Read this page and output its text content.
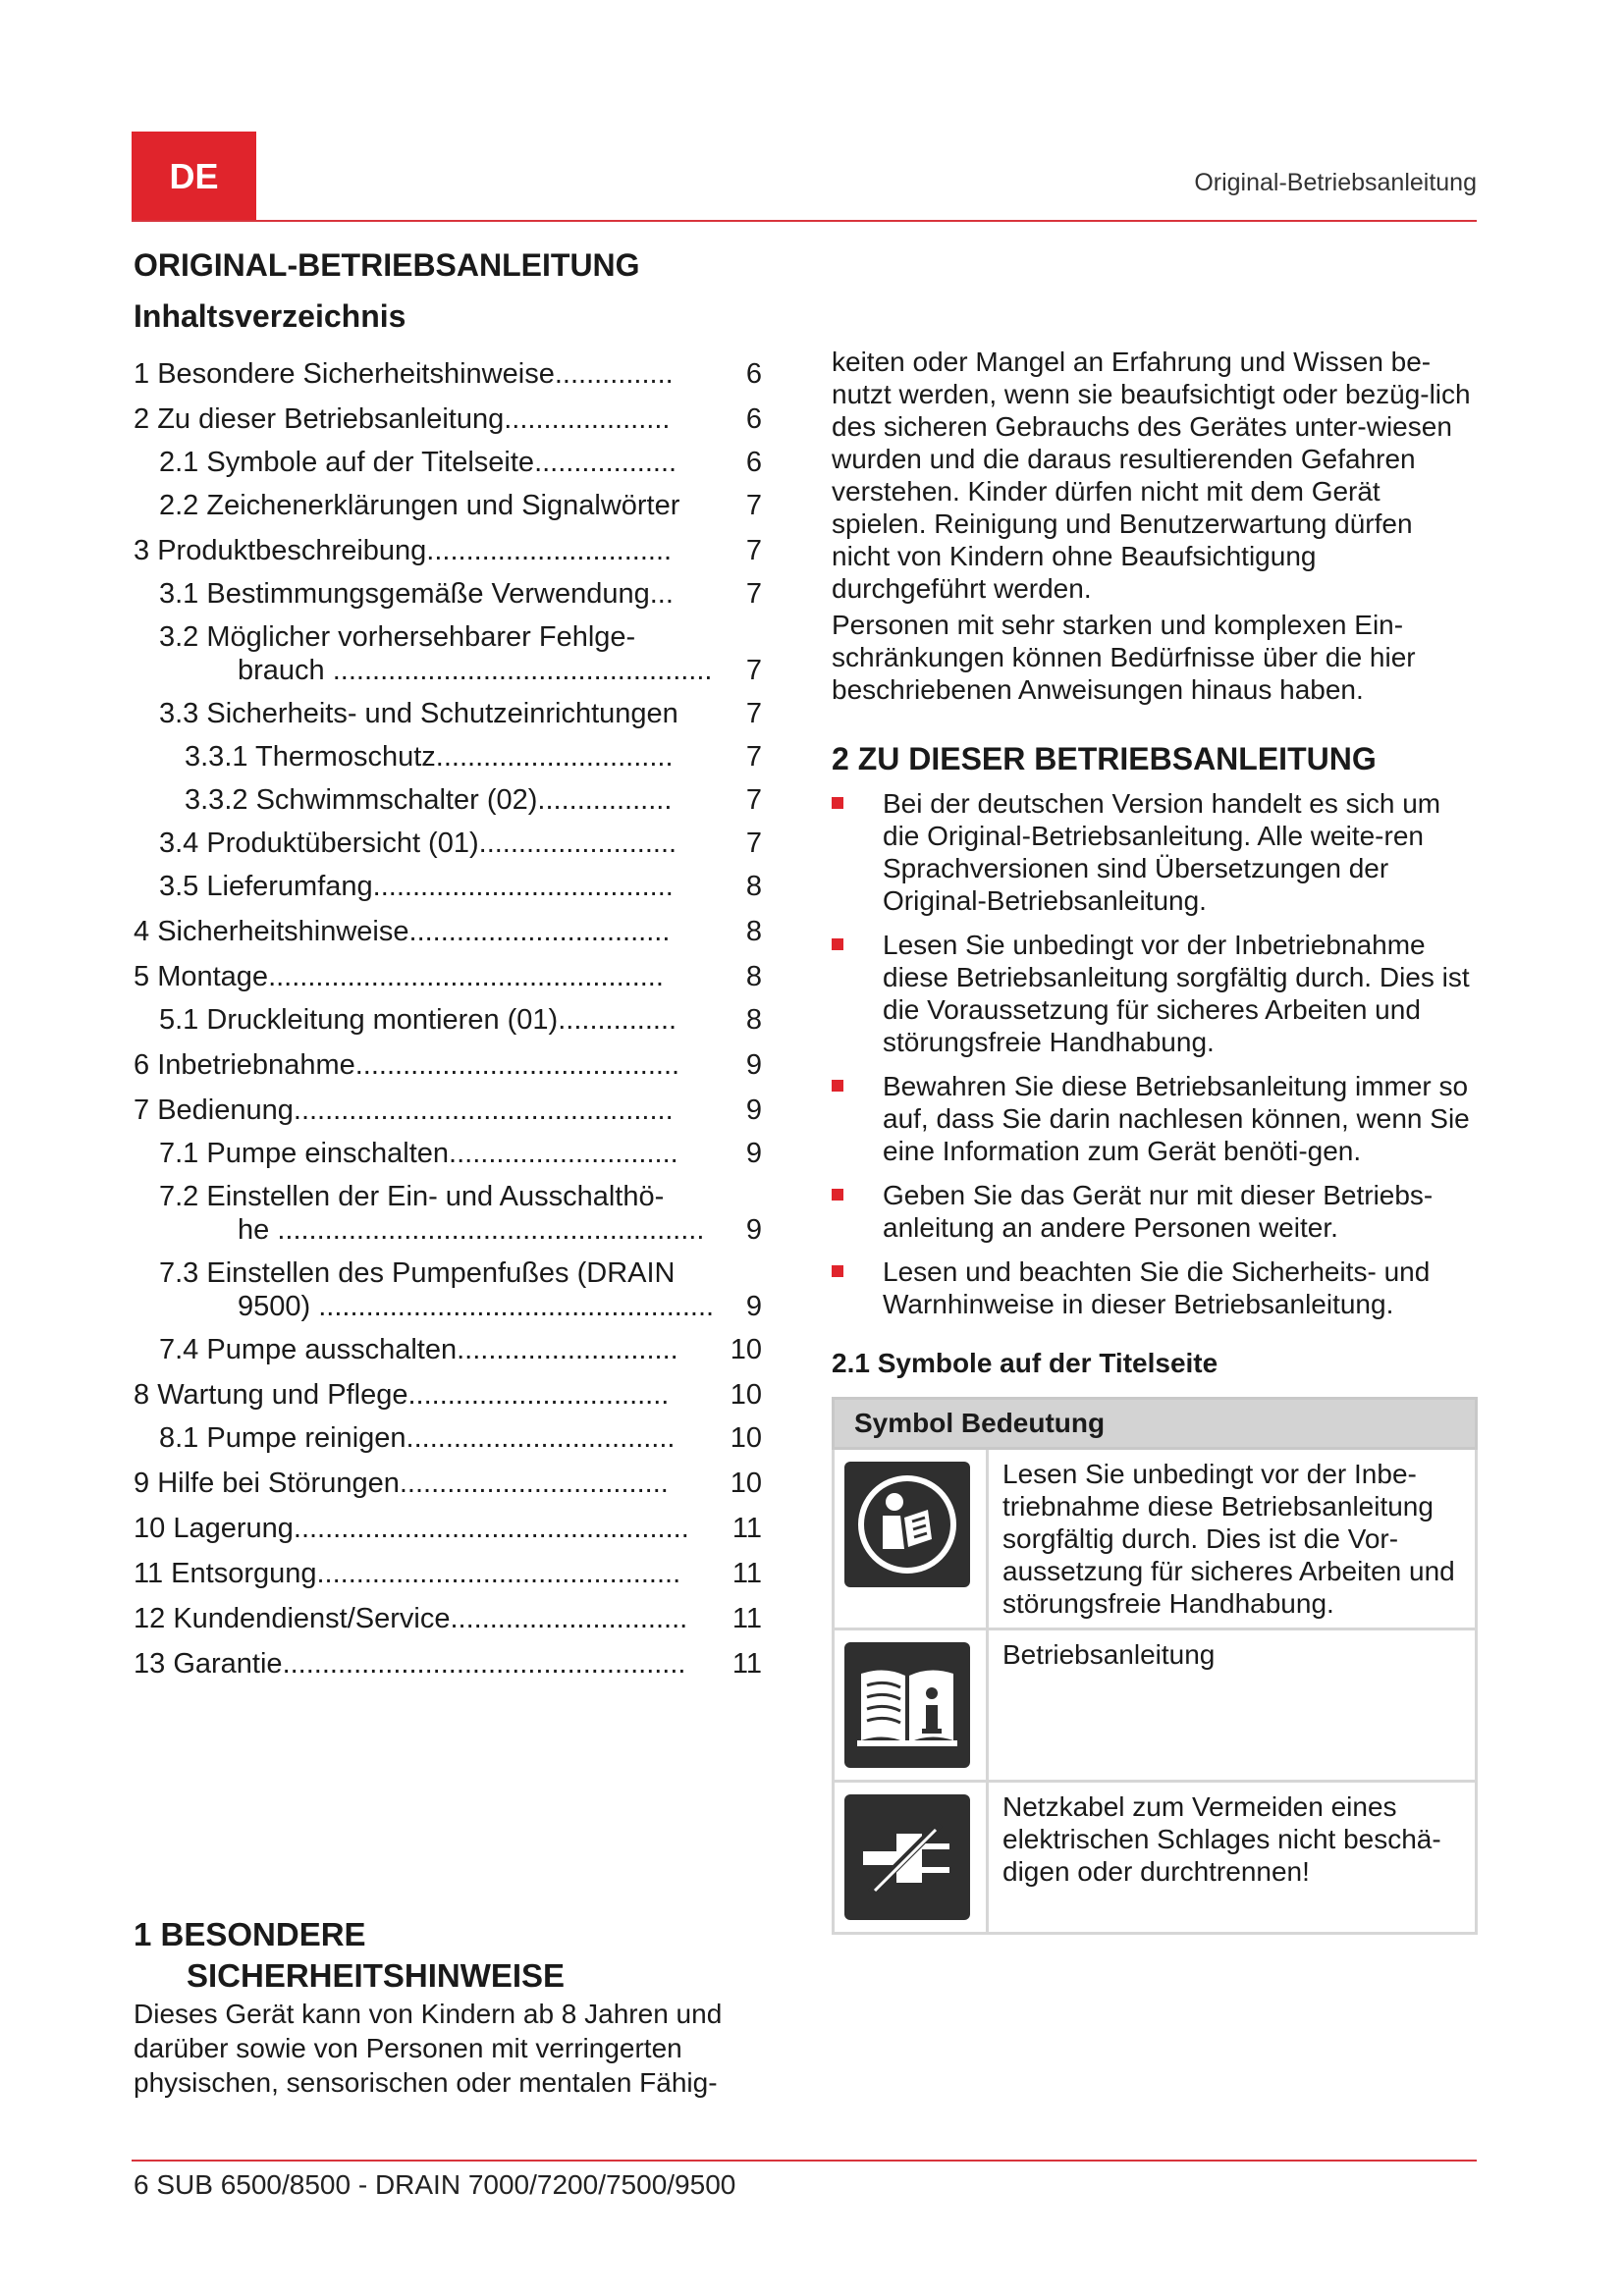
DE	Original-Betriebsanleitung
ORIGINAL-BETRIEBSANLEITUNG
Inhaltsverzeichnis
1 Besondere Sicherheitshinweise...............	6
2 Zu dieser Betriebsanleitung.....................	6
2.1 Symbole auf der Titelseite.................. 6
2.2 Zeichenerklärungen und Signalwörter 7
3 Produktbeschreibung...............................	7
3.1 Bestimmungsgemäße Verwendung...	7
3.2 Möglicher vorhersehbarer Fehlge-
brauch ................................................	7
3.3 Sicherheits- und Schutzeinrichtungen 7
3.3.1 Thermoschutz..............................	7
3.3.2 Schwimmschalter (02).................	7
3.4 Produktübersicht (01)......................... 7
3.5 Lieferumfang......................................	8
4 Sicherheitshinweise.................................	8
5 Montage..................................................	8
5.1 Druckleitung montieren (01)............... 8
6 Inbetriebnahme......................................... 9
7 Bedienung................................................	9
7.1 Pumpe einschalten............................. 9
7.2 Einstellen der Ein- und Ausschalthö-
he ......................................................	9
7.3 Einstellen des Pumpenfußes (DRAIN
9500) ..................................................	9
7.4 Pumpe ausschalten............................ 10
8 Wartung und Pflege................................. 10
8.1 Pumpe reinigen.................................. 10
9 Hilfe bei Störungen.................................. 10
10 Lagerung.................................................. 11
11 Entsorgung.............................................. 11
12 Kundendienst/Service.............................. 11
13 Garantie................................................... 11
1 BESONDERE
SICHERHEITSHINWEISE

Dieses Gerät kann von Kindern ab 8 Jahren und darüber sowie von Personen mit verringerten physischen, sensorischen oder mentalen Fähig-

keiten oder Mangel an Erfahrung und Wissen be-nutzt werden, wenn sie beaufsichtigt oder bezüg-lich des sicheren Gebrauchs des Gerätes unter-wiesen wurden und die daraus resultierenden Gefahren verstehen. Kinder dürfen nicht mit dem Gerät spielen. Reinigung und Benutzerwartung dürfen nicht von Kindern ohne Beaufsichtigung durchgeführt werden.

Personen mit sehr starken und komplexen Ein-schränkungen können Bedürfnisse über die hier beschriebenen Anweisungen hinaus haben.

2 ZU DIESER BETRIEBSANLEITUNG
Bei der deutschen Version handelt es sich um die Original-Betriebsanleitung. Alle weite-ren Sprachversionen sind Übersetzungen der Original-Betriebsanleitung.
Lesen Sie unbedingt vor der Inbetriebnahme diese Betriebsanleitung sorgfältig durch. Dies ist die Voraussetzung für sicheres Arbeiten und störungsfreie Handhabung.
Bewahren Sie diese Betriebsanleitung immer so auf, dass Sie darin nachlesen können, wenn Sie eine Information zum Gerät benöti-gen.
Geben Sie das Gerät nur mit dieser Betriebs-anleitung an andere Personen weiter.
Lesen und beachten Sie die Sicherheits- und Warnhinweise in dieser Betriebsanleitung.
2.1 Symbole auf der Titelseite
Symbol Bedeutung	

	Lesen Sie unbedingt vor der Inbe-triebnahme diese Betriebsanleitung sorgfältig durch. Dies ist die Vor-aussetzung für sicheres Arbeiten und störungsfreie Handhabung.

	Betriebsanleitung

	Netzkabel zum Vermeiden eines elektrischen Schlages nicht beschä-digen oder durchtrennen!
6 SUB 6500/8500 - DRAIN 7000/7200/7500/9500
